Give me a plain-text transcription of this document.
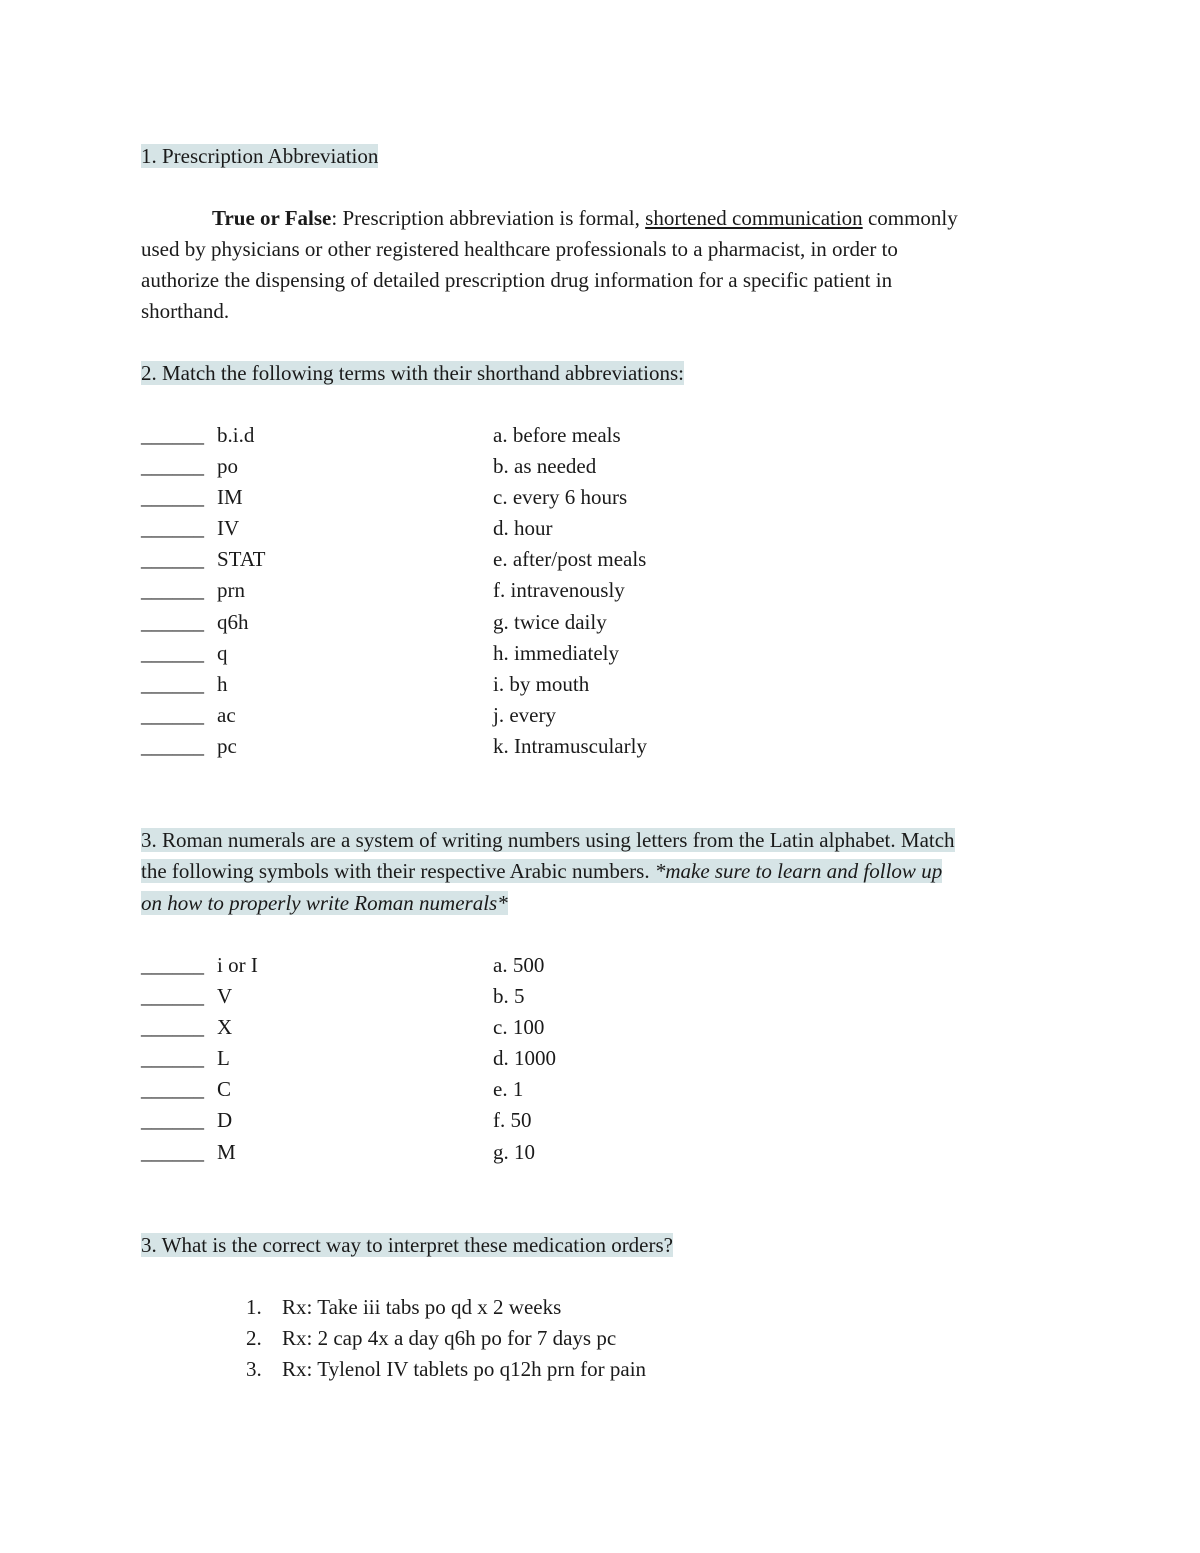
1. Prescription Abbreviation
True or False: Prescription abbreviation is formal, shortened communication commonly
used by physicians or other registered healthcare professionals to a pharmacist, in order to
authorize the dispensing of detailed prescription drug information for a specific patient in
shorthand.
2. Match the following terms with their shorthand abbreviations:
______ b.i.d	a. before meals
______ po	b. as needed
______ IM	c. every 6 hours
______ IV	d. hour
______ STAT	e. after/post meals
______ prn	f. intravenously
______ q6h	g. twice daily
______ q	h. immediately
______ h	i. by mouth
______ ac	j. every
______ pc	k. Intramuscularly
3. Roman numerals are a system of writing numbers using letters from the Latin alphabet. Match
the following symbols with their respective Arabic numbers. *make sure to learn and follow up
on how to properly write Roman numerals*
______ i or I	a. 500
______ V	b. 5
______ X	c. 100
______ L	d. 1000
______ C	e. 1
______ D	f. 50
______ M	g. 10
3. What is the correct way to interpret these medication orders?
1. Rx: Take iii tabs po qd x 2 weeks
2. Rx: 2 cap 4x a day q6h po for 7 days pc
3. Rx: Tylenol IV tablets po q12h prn for pain
